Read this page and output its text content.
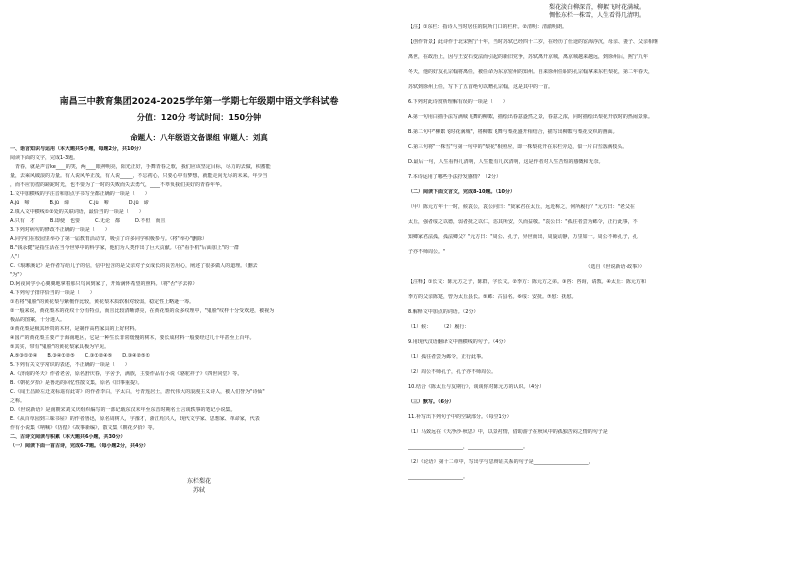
南昌三中教育集团2024-2025学年第一学期七年级期中语文学科试卷
分值：120分 考试时间：150分钟
命题人：八年级语文备课组 审题人：刘真
一、语言知识与运用（本大题共5小题，每题2分，共10分）
阅读下面的文字，完成1-3题。
　青春，就是声音ke____的笑，两____眼神明亮，阳光正好，手舞青春之歌，我们应该坚定目标，尽力的去做，积蓄能
量，去乘风破浪的力量。有人说风华正茂，有人说_____，不忘初心，只要心中有梦想，就能走向无尽的未来。年少当
，而不应彷徨的蹉跎时光，也不要为了一时的失败而失去勇气，____不辜负我们美好的青春年华。
1.文中加横线的字注音和加点字书写全都正确的一项是（　　）
A.jū　啼　　　　B.jū　谛　　　　C.jù　啼　　　　D.jū　谛
2.填入文中横线①②处的关联词语，最恰当的一项是（　　）
A.只有　才　　　B.即使　也要　　　C.无论　都　　　D.不但　而且
3.下列对病句的修改不正确的一项是（　　）
A.同学们在校园里举办了第一届教育活动节，吸引了许多同学积极参与。（将"举办"删除）
B."钱永健"是指生活在当今世界中的科学家，他们为人类作出了巨大贡献。（在"看手机"后面加上"的一群
人"）
C.《琅琊溪记》是作者写给儿子的信，信中包含的是父亲对子女成长的良苦用心，阐述了很多做人的道理。（删去
"为"）
D.阿夜同学小心翼翼地拿着那只鸟回到家了，开始满怀希望的照料。（将"否"字去掉）
4.下列句子排序恰当的一项是（　　）
①若将"鬼脸"的黄花梨与紫檀作比较，黄花梨木质软相对较弱，稳定性上略逊一筹。
②一般来说，黄花梨木的花纹十分有特点，而且比较清晰漂亮，在黄花梨的众多纹理中，"鬼脸"纹样十分受欢迎，被视为
极品的图案，十分迷人。
③黄花梨是极其珍贵的木材，是制作高档家具的上好材料。
④国产的黄花梨主要产于海南地区，它是一种生长非常缓慢的树木，要长成材料一般要经过几十年甚至上百年。
⑤其实，带有"鬼脸"的黄花梨家具极为罕见。
A.⑤③①②④　　B.③④①②⑤　　C.③①②④⑤　　D.③④②⑤①
5.下列有关文学常识的表述，不正确的一项是（　　）
A.《济南的冬天》作者老舍，原名舒庆春，字舍予，满族，主要作品有小说《骆驼祥子》《四世同堂》等。
B.《朝花夕拾》是鲁迅的回忆性散文集，原名《旧事重提》。
C.《闻王昌龄左迁龙标遥有此寄》的作者李白，字太白，号青莲居士，唐代伟大的浪漫主义诗人，被人们誉为"诗仙"
之称。
D.《世说新语》是南朝宋刘义庆组织编写的一部记载东汉末年至东晋时期名士言谈轶事的笔记小说集。
E.《从百草园到三味书屋》的作者鲁迅，原名周树人，字豫才，浙江绍兴人，现代文学家、思想家、革命家，代表
作有小说集《呐喊》《彷徨》《故事新编》，散文集《朝花夕拾》等。
二、古诗文阅读与积累（本大题共6小题，共30分）
（一）阅读下面一首古诗，完成6-7题。（每小题2分，共4分）
东栏梨花
苏轼
梨花淡白柳深青，柳絮飞时花满城。
惆怅东栏一株雪，人生看得几清明。
【注】①东栏：指诗人当时居住的院所门口的栏杆。②清明：清澈明朗。
【创作背景】此诗作于北宋熙宁十年，当时苏轼已经四十二岁，在经历了仕途的宦海浮沉，母亲、妻子、父亲相继
离世，在政治上，因与王安石变法而引起的新旧党争，苏轼离开京城，离京城越来越远，到徐州后，熙宁九年
冬天，他的好友孔宗翰将离任，被任命为东京密州的知州。自来徐州任职的孔宗翰拿来东栏梨花，第二年春天，
苏轼到徐州上任，写下了五首绝句以赠孔宗翰，这是其中的一首。
6.下列对此诗赏析理解有误的一项是（　　）
A.第一句用白描手法写满城飞舞的柳絮，描绘出春意盎然之景，春意之浓，同时描绘出梨花开放时的热闹景象。
B.第二句中"柳絮飞时花满城"，将柳絮飞舞与梨花盛开相结合，描写出柳絮与梨花交织的画面。
C.第三句将"一株雪"与第一句中的"梨花"相照应，即一株梨花开在东栏旁边，似一片白雪落满枝头。
D.最后一句，人生看得几清明，人生能有几次清明，这是作者对人生苦短的感慨和无奈。
7.本诗运用了哪些手法抒发感情？（2分）
（二）阅读下面文言文，完成8-10题。（10分）
（甲）陈元方年十一时，候袁公，袁公问曰："贤家君在太丘，远近称之，何所履行？"元方曰："老父在
太丘，强者绥之以德，弱者抚之以仁，恣其所安，久而益敬。"袁公曰："孤往者尝为邺令，正行此事，不
知卿家君法孤，孤法卿父？"元方曰："周公、孔子，异世而出，周旋动静，万里如一。周公不师孔子，孔
子亦不师周公。"
　　　　　　　　　　　　　　　　　　　　　　　　　　　　　　　　　　　　（选自《世说新语·政事》）
【注释】①长文：陈元方之子，陈群，字长文。②季方：陈元方之弟。③咨：咨询，请教。④太丘：陈元方和
季方的父亲陈寔，曾为太丘县长。⑤邺：古县名。⑥绥：安抚。⑦慰：抚慰。
8.解释文中加点的词语。（2分）
（1）候：　　　（2）履行：
9.用现代汉语翻译文中画横线的句子。（4分）
（1）孤往者尝为邺令，正行此事。
（2）周公不师孔子，孔子亦不师周公。
10.结合《陈太丘与友期行》，谈谈你对陈元方的认识。（4分）
（三）默写。（6分）
11.补写出下列句子中的空缺部分。（每空1分）
（1）马致远在《天净沙·秋思》中，以景衬情，借助游子在秋风中的孤独苦闷之情的句子是
______________________，______________________。
（2）《论语》第十二章中，写出学与思辩证关系的句子是______________________，
______________________。
